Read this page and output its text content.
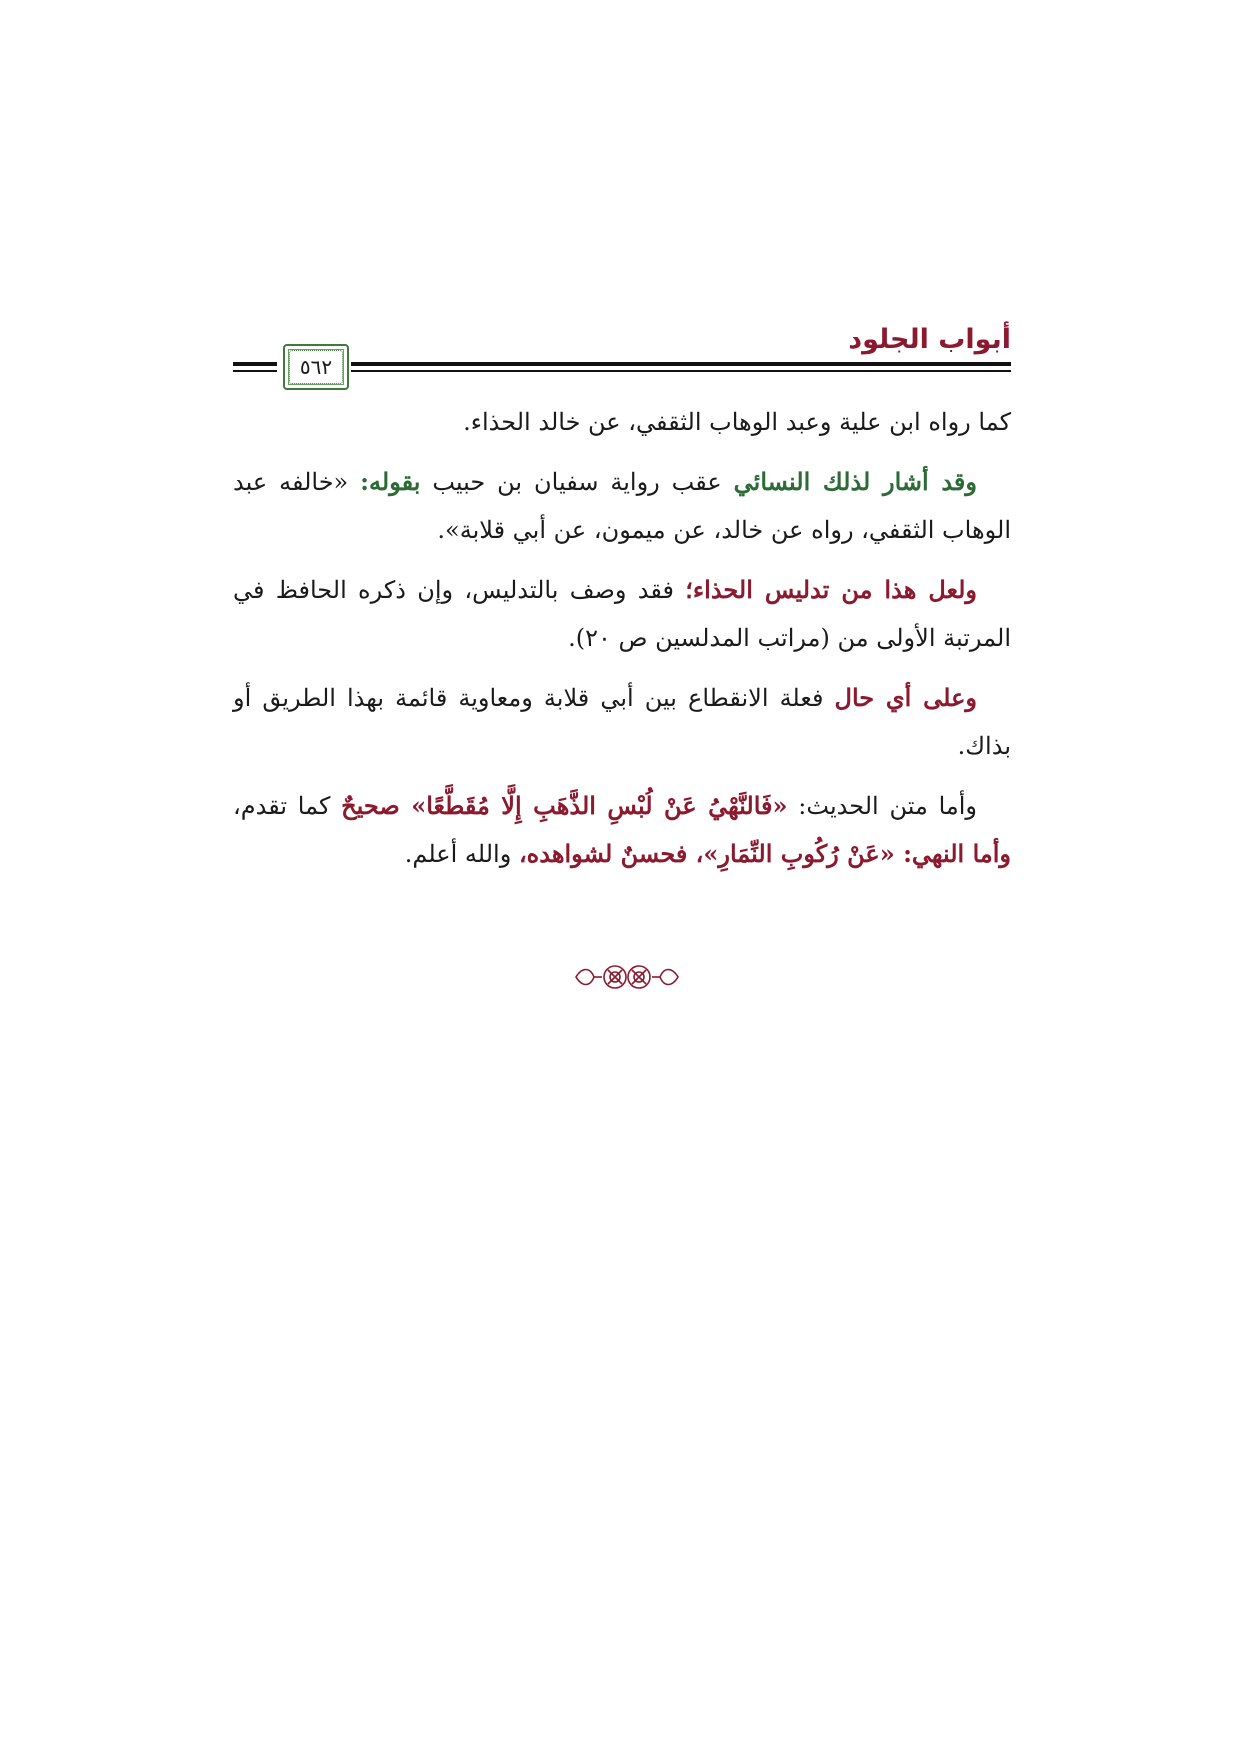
٥٦٢
أبواب الجلود

كما رواه ابن علية وعبد الوهاب الثقفي، عن خالد الحذاء.

وقد أشار لذلك النسائي عقب رواية سفيان بن حبيب بقوله: «خالفه عبد الوهاب الثقفي، رواه عن خالد، عن ميمون، عن أبي قلابة».

ولعل هذا من تدليس الحذاء؛ فقد وصف بالتدليس، وإن ذكره الحافظ في المرتبة الأولى من (مراتب المدلسين ص ٢٠).

وعلى أي حال فعلة الانقطاع بين أبي قلابة ومعاوية قائمة بهذا الطريق أو بذاك.

وأما متن الحديث: «فَالنَّهْيُ عَنْ لُبْسِ الذَّهَبِ إِلَّا مُقَطَّعًا» صحيحٌ كما تقدم، وأما النهي: «عَنْ رُكُوبِ النِّمَارِ»، فحسنٌ لشواهده، والله أعلم.
